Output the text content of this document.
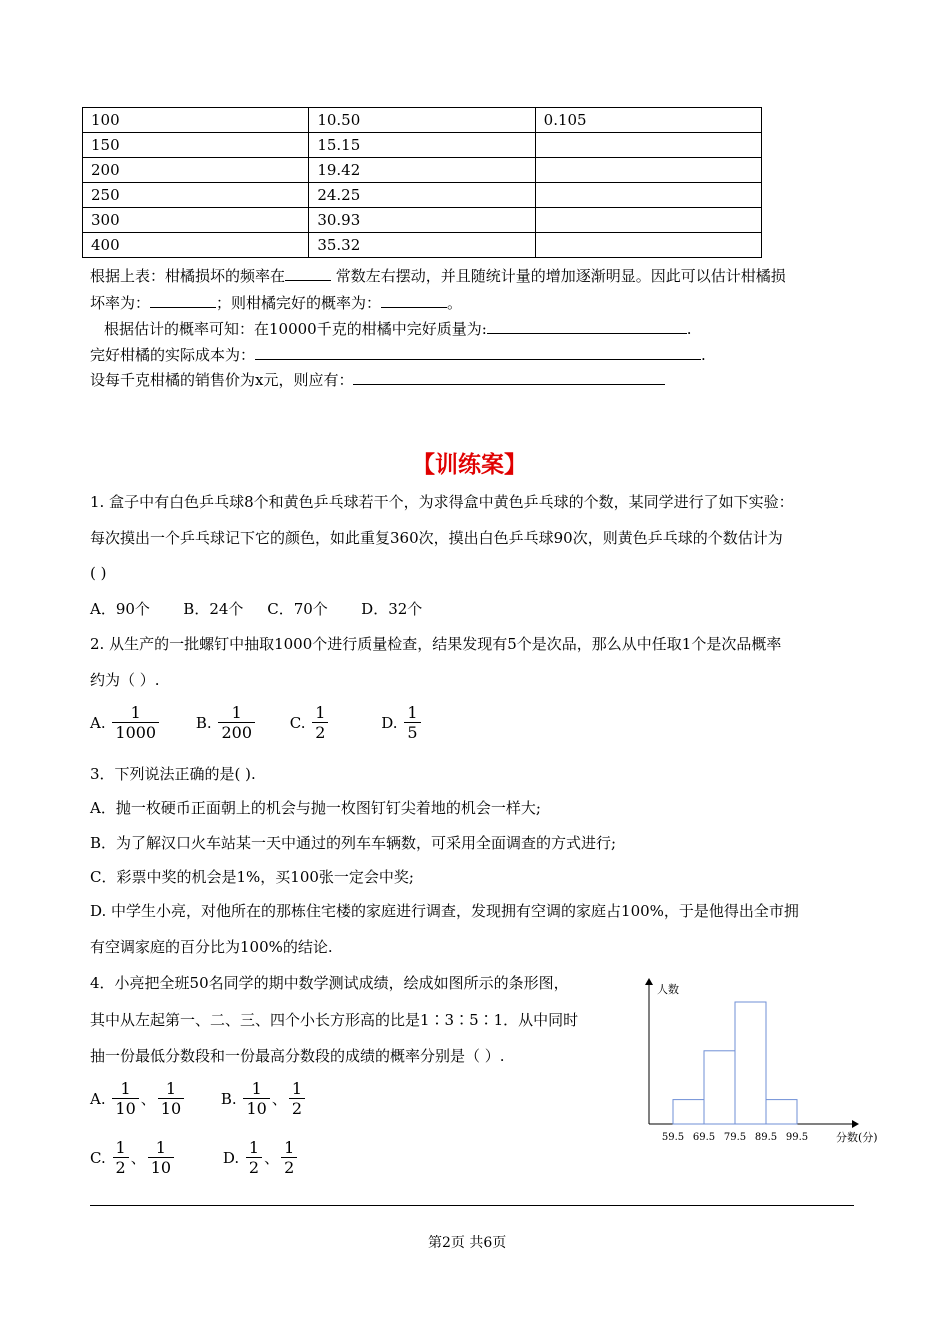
100	10.50	0.105
150	15.15	
200	19.42	
250	24.25	
300	30.93	
400	35.32	
根据上表：柑橘损坏的频率在	常数左右摆动，并且随统计量的增加逐渐明显。因此可以估计柑橘损
坏率为：	；则柑橘完好的概率为：	。
根据估计的概率可知：在10000千克的柑橘中完好质量为:	.
完好柑橘的实际成本为：	.
设每千克柑橘的销售价为x元，则应有：
【训练案】
1. 盒子中有白色乒乓球8个和黄色乒乓球若干个，为求得盒中黄色乒乓球的个数，某同学进行了如下实验：
每次摸出一个乒乓球记下它的颜色，如此重复360次，摸出白色乒乓球90次，则黄色乒乓球的个数估计为
( )
A．90个       B．24个     C．70个       D．32个
2. 从生产的一批螺钉中抽取1000个进行质量检查，结果发现有5个是次品，那么从中任取1个是次品概率
约为（ ）.
A. $\frac{1}{1000} B$. $\frac{1}{200} C$. $\frac{1}{2}$	D. $\frac{1}{5}$
3．下列说法正确的是( ).
A．抛一枚硬币正面朝上的机会与抛一枚图钉钉尖着地的机会一样大;
B．为了解汉口火车站某一天中通过的列车车辆数，可采用全面调查的方式进行;
C．彩票中奖的机会是1%，买100张一定会中奖;
D. 中学生小亮，对他所在的那栋住宅楼的家庭进行调查，发现拥有空调的家庭占100%，于是他得出全市拥
有空调家庭的百分比为100%的结论.
4．小亮把全班50名同学的期中数学测试成绩，绘成如图所示的条形图，
其中从左起第一、二、三、四个小长方形高的比是1∶3∶5∶1．从中同时
抽一份最低分数段和一份最高分数段的成绩的概率分别是（ ）.
A. $\frac{1}{10}$ 、 $\frac{1}{10} B$. $\frac{1}{10}$ 、 $\frac{1}{2}$
C. $\frac{1}{2}$ 、 $\frac{1}{10}$	D. $\frac{1}{2}$ 、 $\frac{1}{2}$
59.5 69.5 79.5 89.5 99.5
人数
分数(分)
第2页 共6页
